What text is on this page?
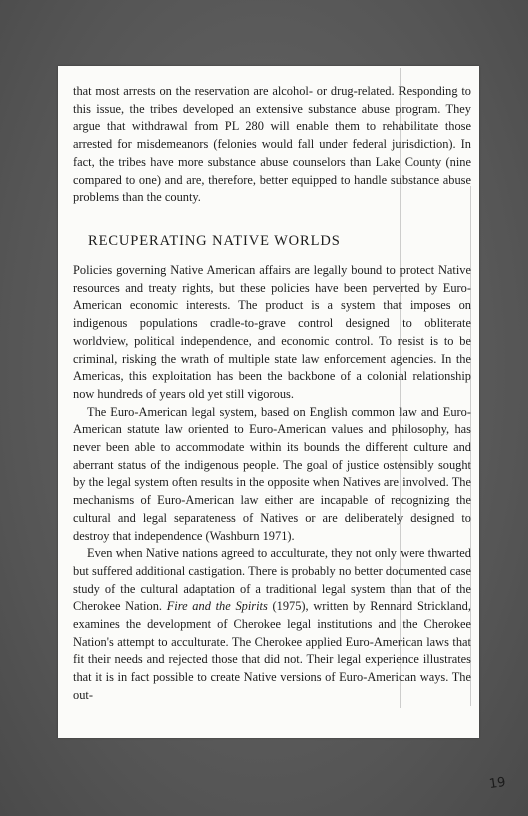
that most arrests on the reservation are alcohol- or drug-related. Responding to this issue, the tribes developed an extensive substance abuse program. They argue that withdrawal from PL 280 will enable them to rehabilitate those arrested for misdemeanors (felonies would fall under federal jurisdiction). In fact, the tribes have more substance abuse counselors than Lake County (nine compared to one) and are, therefore, better equipped to handle substance abuse problems than the county.

RECUPERATING NATIVE WORLDS

Policies governing Native American affairs are legally bound to protect Native resources and treaty rights, but these policies have been perverted by Euro-American economic interests. The product is a system that imposes on indigenous populations cradle-to-grave control designed to obliterate worldview, political independence, and economic control. To resist is to be criminal, risking the wrath of multiple state law enforcement agencies. In the Americas, this exploitation has been the backbone of a colonial relationship now hundreds of years old yet still vigorous.

The Euro-American legal system, based on English common law and Euro-American statute law oriented to Euro-American values and philosophy, has never been able to accommodate within its bounds the different culture and aberrant status of the indigenous people. The goal of justice ostensibly sought by the legal system often results in the opposite when Natives are involved. The mechanisms of Euro-American law either are incapable of recognizing the cultural and legal separateness of Natives or are deliberately designed to destroy that independence (Washburn 1971).

Even when Native nations agreed to acculturate, they not only were thwarted but suffered additional castigation. There is probably no better documented case study of the cultural adaptation of a traditional legal system than that of the Cherokee Nation. Fire and the Spirits (1975), written by Rennard Strickland, examines the development of Cherokee legal institutions and the Cherokee Nation's attempt to acculturate. The Cherokee applied Euro-American laws that fit their needs and rejected those that did not. Their legal experience illustrates that it is in fact possible to create Native versions of Euro-American ways. The out-

19
